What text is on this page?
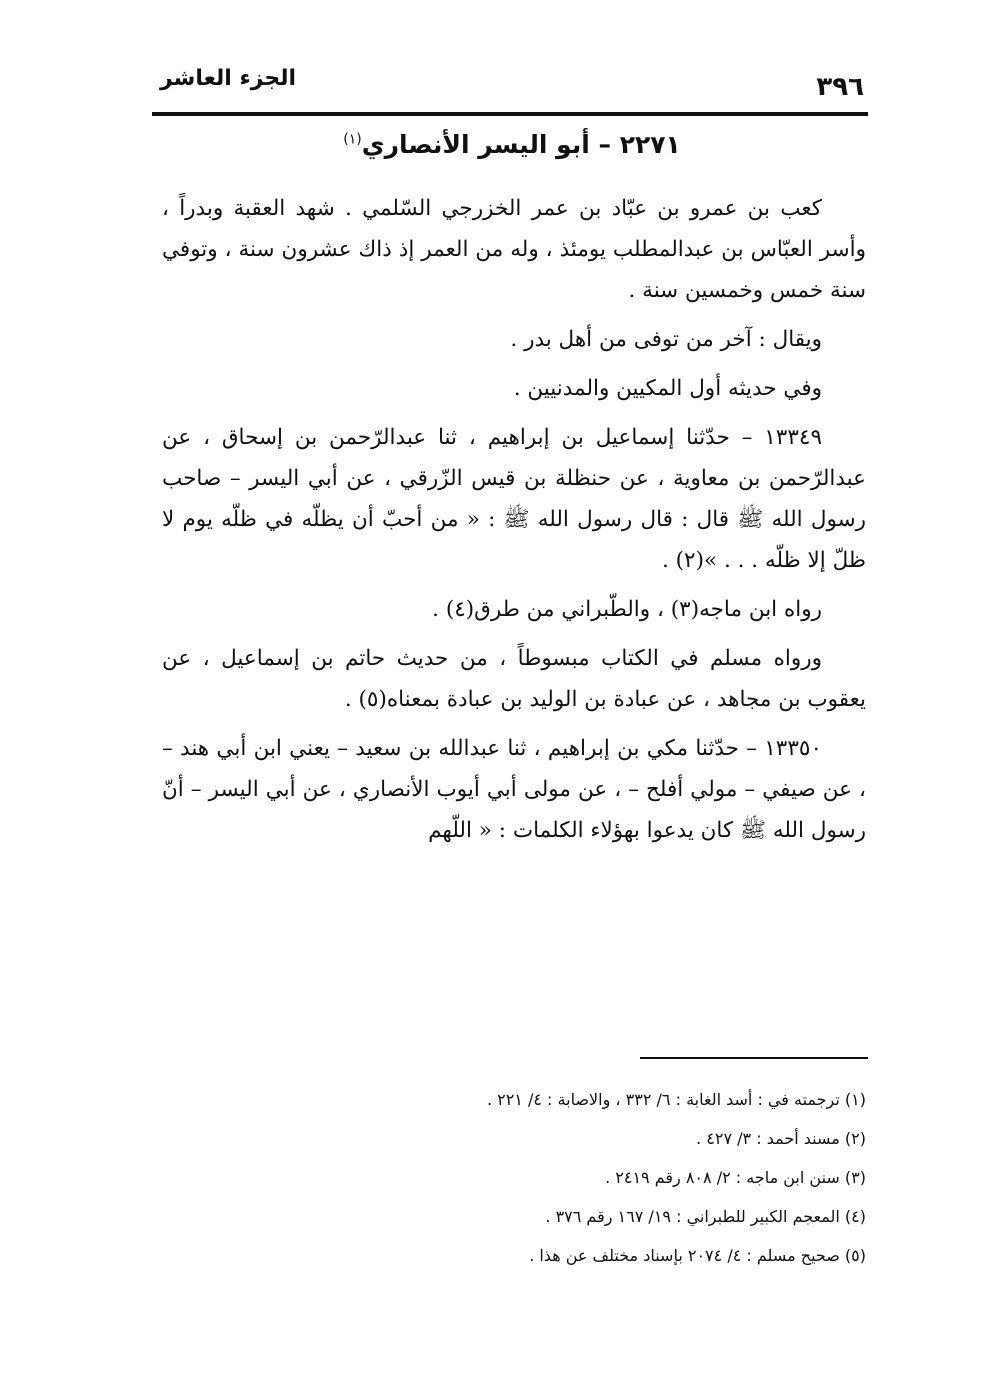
٣٩٦
الجزء العاشر
٢٢٧١ – أبو اليسر الأنصاري$^{(١)}$

كعب بن عمرو بن عبّاد بن عمر الخزرجي السّلمي . شهد العقبة وبدراً ، وأسر العبّاس بن عبدالمطلب يومئذ ، وله من العمر إذ ذاك عشرون سنة ، وتوفي سنة خمس وخمسين سنة .

ويقال : آخر من توفى من أهل بدر .

وفي حديثه أول المكيين والمدنيين .

١٣٣٤٩ – حدّثنا إسماعيل بن إبراهيم ، ثنا عبدالرّحمن بن إسحاق ، عن عبدالرّحمن بن معاوية ، عن حنظلة بن قيس الزّرقي ، عن أبي اليسر – صاحب رسول الله ﷺ قال : قال رسول الله ﷺ : « من أحبّ أن يظلّه في ظلّه يوم لا ظلّ إلا ظلّه . . . »(٢) .

رواه ابن ماجه(٣) ، والطّبراني من طرق(٤) .

ورواه مسلم في الكتاب مبسوطاً ، من حديث حاتم بن إسماعيل ، عن يعقوب بن مجاهد ، عن عبادة بن الوليد بن عبادة بمعناه(٥) .

١٣٣٥٠ – حدّثنا مكي بن إبراهيم ، ثنا عبدالله بن سعيد – يعني ابن أبي هند – ، عن صيفي – مولي أفلح – ، عن مولى أبي أيوب الأنصاري ، عن أبي اليسر – أنّ رسول الله ﷺ كان يدعوا بهؤلاء الكلمات : « اللّهم

(١) ترجمته في : أسد الغابة : ٦/ ٣٣٢ ، والاصابة : ٤/ ٢٢١ .
(٢) مسند أحمد : ٣/ ٤٢٧ .
(٣) سنن ابن ماجه : ٢/ ٨٠٨ رقم ٢٤١٩ .
(٤) المعجم الكبير للطبراني : ١٩/ ١٦٧ رقم ٣٧٦ .
(٥) صحيح مسلم : ٤/ ٢٠٧٤ بإسناد مختلف عن هذا .
